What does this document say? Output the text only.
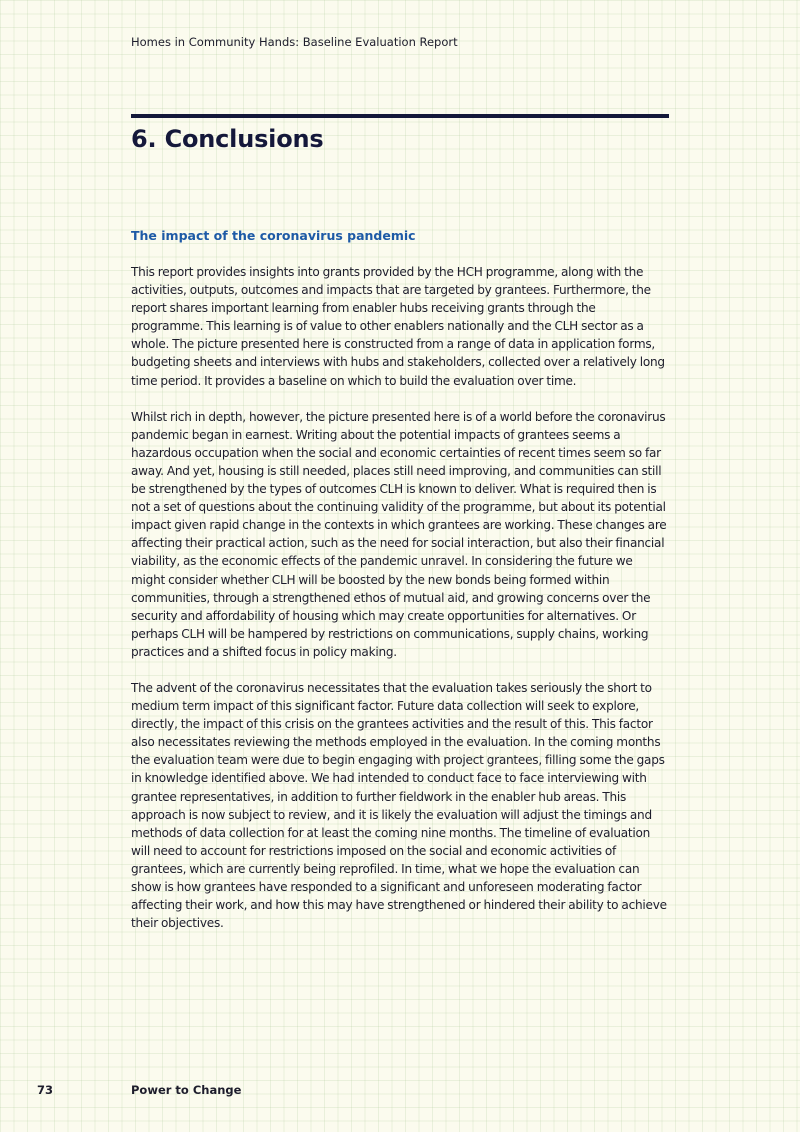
Homes in Community Hands: Baseline Evaluation Report
6. Conclusions
The impact of the coronavirus pandemic

This report provides insights into grants provided by the HCH programme, along with the activities, outputs, outcomes and impacts that are targeted by grantees. Furthermore, the report shares important learning from enabler hubs receiving grants through the programme. This learning is of value to other enablers nationally and the CLH sector as a whole. The picture presented here is constructed from a range of data in application forms, budgeting sheets and interviews with hubs and stakeholders, collected over a relatively long time period. It provides a baseline on which to build the evaluation over time.

Whilst rich in depth, however, the picture presented here is of a world before the coronavirus pandemic began in earnest. Writing about the potential impacts of grantees seems a hazardous occupation when the social and economic certainties of recent times seem so far away. And yet, housing is still needed, places still need improving, and communities can still be strengthened by the types of outcomes CLH is known to deliver. What is required then is not a set of questions about the continuing validity of the programme, but about its potential impact given rapid change in the contexts in which grantees are working. These changes are affecting their practical action, such as the need for social interaction, but also their financial viability, as the economic effects of the pandemic unravel. In considering the future we might consider whether CLH will be boosted by the new bonds being formed within communities, through a strengthened ethos of mutual aid, and growing concerns over the security and affordability of housing which may create opportunities for alternatives. Or perhaps CLH will be hampered by restrictions on communications, supply chains, working practices and a shifted focus in policy making.

The advent of the coronavirus necessitates that the evaluation takes seriously the short to medium term impact of this significant factor. Future data collection will seek to explore, directly, the impact of this crisis on the grantees activities and the result of this. This factor also necessitates reviewing the methods employed in the evaluation. In the coming months the evaluation team were due to begin engaging with project grantees, filling some the gaps in knowledge identified above. We had intended to conduct face to face interviewing with grantee representatives, in addition to further fieldwork in the enabler hub areas. This approach is now subject to review, and it is likely the evaluation will adjust the timings and methods of data collection for at least the coming nine months. The timeline of evaluation will need to account for restrictions imposed on the social and economic activities of grantees, which are currently being reprofiled. In time, what we hope the evaluation can show is how grantees have responded to a significant and unforeseen moderating factor affecting their work, and how this may have strengthened or hindered their ability to achieve their objectives.

73	Power to Change
